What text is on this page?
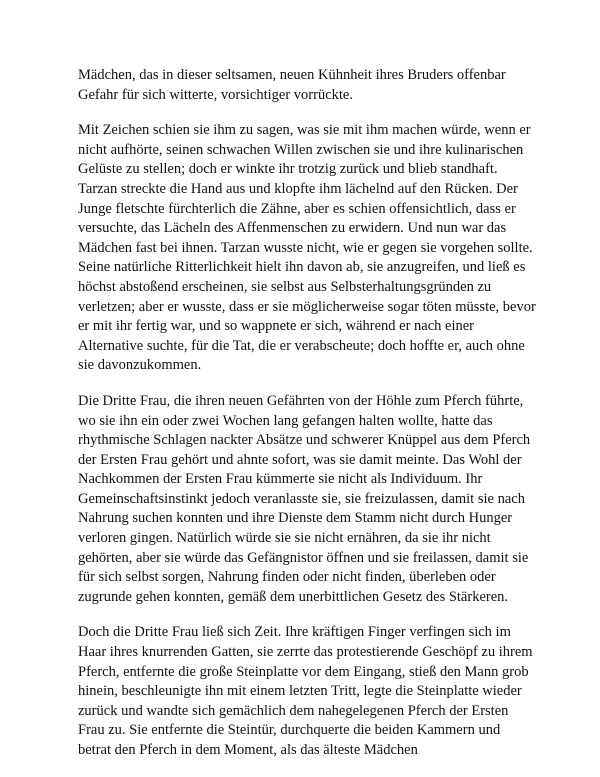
Mädchen, das in dieser seltsamen, neuen Kühnheit ihres Bruders offenbar Gefahr für sich witterte, vorsichtiger vorrückte.

Mit Zeichen schien sie ihm zu sagen, was sie mit ihm machen würde, wenn er nicht aufhörte, seinen schwachen Willen zwischen sie und ihre kulinarischen Gelüste zu stellen; doch er winkte ihr trotzig zurück und blieb standhaft. Tarzan streckte die Hand aus und klopfte ihm lächelnd auf den Rücken. Der Junge fletschte fürchterlich die Zähne, aber es schien offensichtlich, dass er versuchte, das Lächeln des Affenmenschen zu erwidern. Und nun war das Mädchen fast bei ihnen. Tarzan wusste nicht, wie er gegen sie vorgehen sollte. Seine natürliche Ritterlichkeit hielt ihn davon ab, sie anzugreifen, und ließ es höchst abstoßend erscheinen, sie selbst aus Selbsterhaltungsgründen zu verletzen; aber er wusste, dass er sie möglicherweise sogar töten müsste, bevor er mit ihr fertig war, und so wappnete er sich, während er nach einer Alternative suchte, für die Tat, die er verabscheute; doch hoffte er, auch ohne sie davonzukommen.

Die Dritte Frau, die ihren neuen Gefährten von der Höhle zum Pferch führte, wo sie ihn ein oder zwei Wochen lang gefangen halten wollte, hatte das rhythmische Schlagen nackter Absätze und schwerer Knüppel aus dem Pferch der Ersten Frau gehört und ahnte sofort, was sie damit meinte. Das Wohl der Nachkommen der Ersten Frau kümmerte sie nicht als Individuum. Ihr Gemeinschaftsinstinkt jedoch veranlasste sie, sie freizulassen, damit sie nach Nahrung suchen konnten und ihre Dienste dem Stamm nicht durch Hunger verloren gingen. Natürlich würde sie sie nicht ernähren, da sie ihr nicht gehörten, aber sie würde das Gefängnistor öffnen und sie freilassen, damit sie für sich selbst sorgen, Nahrung finden oder nicht finden, überleben oder zugrunde gehen konnten, gemäß dem unerbittlichen Gesetz des Stärkeren.

Doch die Dritte Frau ließ sich Zeit. Ihre kräftigen Finger verfingen sich im Haar ihres knurrenden Gatten, sie zerrte das protestierende Geschöpf zu ihrem Pferch, entfernte die große Steinplatte vor dem Eingang, stieß den Mann grob hinein, beschleunigte ihn mit einem letzten Tritt, legte die Steinplatte wieder zurück und wandte sich gemächlich dem nahegelegenen Pferch der Ersten Frau zu. Sie entfernte die Steintür, durchquerte die beiden Kammern und betrat den Pferch in dem Moment, als das älteste Mädchen
